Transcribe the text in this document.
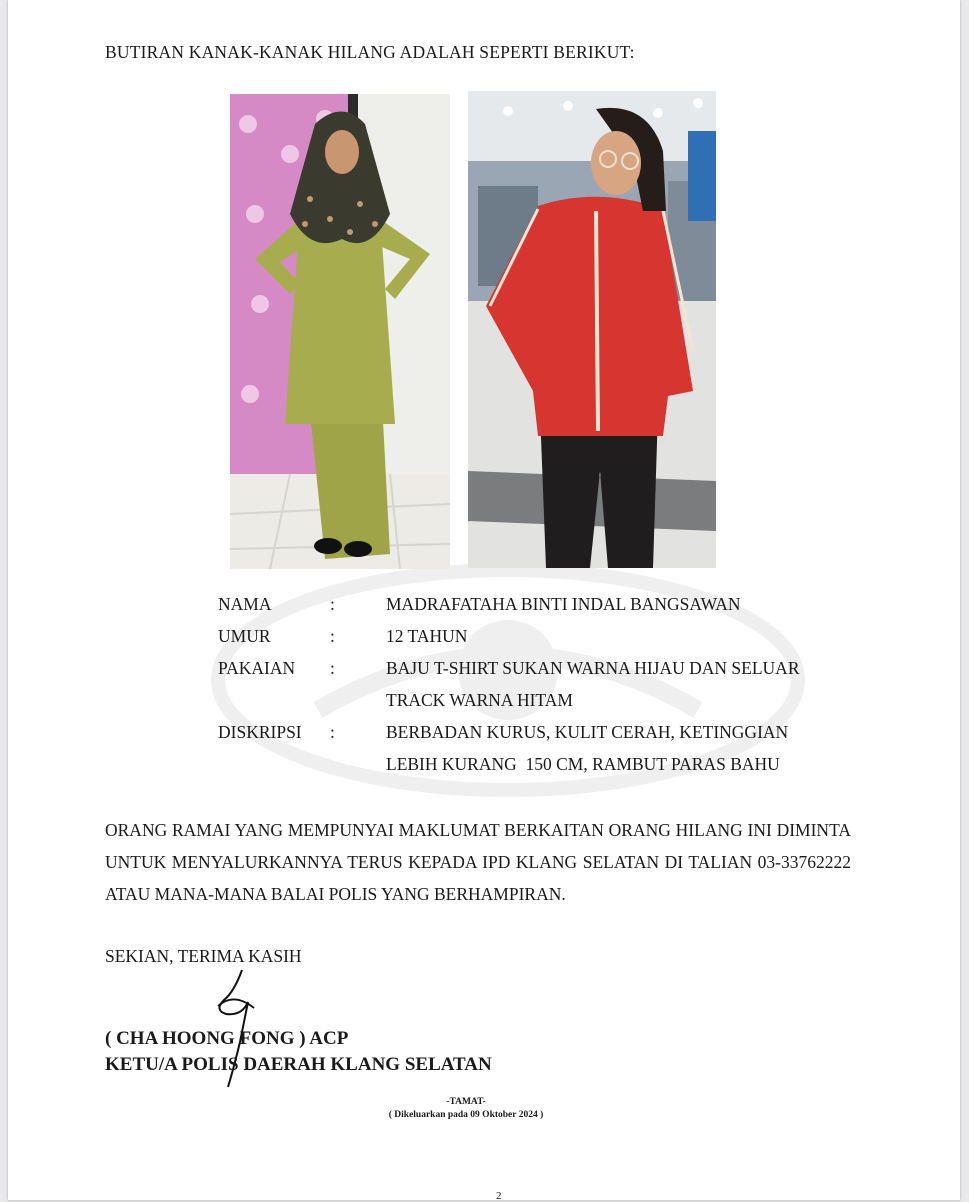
BUTIRAN KANAK-KANAK HILANG ADALAH SEPERTI BERIKUT:
NAMA	:	MADRAFATAHA BINTI INDAL BANGSAWAN
UMUR	:	12 TAHUN
PAKAIAN	:	BAJU T-SHIRT SUKAN WARNA HIJAU DAN SELUAR
TRACK WARNA HITAM
DISKRIPSI	:	BERBADAN KURUS, KULIT CERAH, KETINGGIAN
LEBIH KURANG  150 CM, RAMBUT PARAS BAHU
ORANG RAMAI YANG MEMPUNYAI MAKLUMAT BERKAITAN ORANG HILANG INI DIMINTA UNTUK MENYALURKANNYA TERUS KEPADA IPD KLANG SELATAN DI TALIAN 03-33762222 ATAU MANA-MANA BALAI POLIS YANG BERHAMPIRAN.
SEKIAN, TERIMA KASIH
( CHA HOONG FONG ) ACP
KETU/A POLIS DAERAH KLANG SELATAN
-TAMAT-
( Dikeluarkan pada 09 Oktober 2024 )
2
